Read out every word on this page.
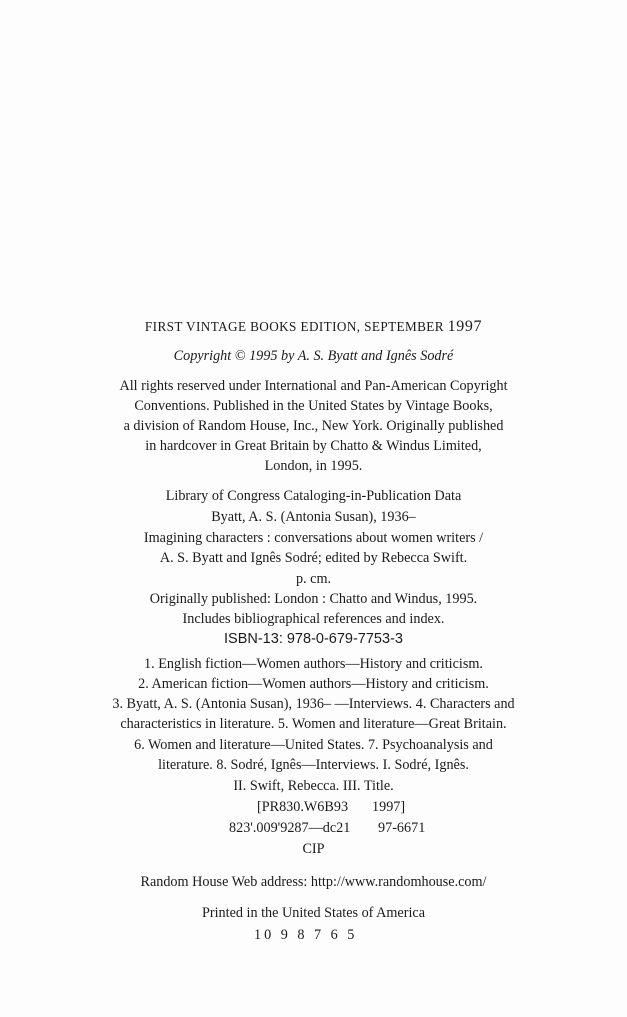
FIRST VINTAGE BOOKS EDITION, SEPTEMBER 1997
Copyright © 1995 by A. S. Byatt and Ignês Sodré
All rights reserved under International and Pan-American Copyright
Conventions. Published in the United States by Vintage Books,
a division of Random House, Inc., New York. Originally published
in hardcover in Great Britain by Chatto & Windus Limited,
London, in 1995.
Library of Congress Cataloging-in-Publication Data
Byatt, A. S. (Antonia Susan), 1936–
Imagining characters : conversations about women writers /
A. S. Byatt and Ignês Sodré; edited by Rebecca Swift.
p. cm.
Originally published: London : Chatto and Windus, 1995.
Includes bibliographical references and index.
ISBN-13: 978-0-679-7753-3
1. English fiction—Women authors—History and criticism.
2. American fiction—Women authors—History and criticism.
3. Byatt, A. S. (Antonia Susan), 1936– —Interviews. 4. Characters and
characteristics in literature. 5. Women and literature—Great Britain.
6. Women and literature—United States. 7. Psychoanalysis and
literature. 8. Sodré, Ignês—Interviews. I. Sodré, Ignês.
II. Swift, Rebecca. III. Title.
[PR830.W6B93 1997]
823'.009'9287—dc21 97-6671
CIP
Random House Web address: http://www.randomhouse.com/
Printed in the United States of America
10 9 8 7 6 5
